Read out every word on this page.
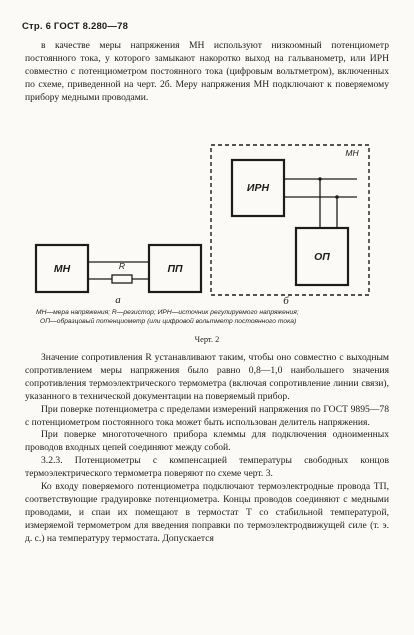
Стр. 6 ГОСТ 8.280—78

в качестве меры напряжения МН используют низкоомный потенциометр постоянного тока, у которого замыкают накоротко выход на гальванометр, или ИРН совместно с потенциометром постоянного тока (цифровым вольтметром), включенных по схеме, приведенной на черт. 2б. Меру напряжения МН подключают к поверяемому прибору медными проводами.

МН	ПП
ИРН
ОП
R
МН
а	б

МН—мера напряжения; R—резистор; ИРН—источник регулируемого напряжения;

ОП—образцовый потенциометр (или цифровой вольтметр постоянного тока)

Черт. 2

Значение сопротивления R устанавливают таким, чтобы оно совместно с выходным сопротивлением меры напряжения было равно 0,8—1,0 наибольшего значения сопротивления термоэлектрического термометра (включая сопротивление линии связи), указанного в технической документации на поверяемый прибор.

При поверке потенциометра с пределами измерений напряжения по ГОСТ 9895—78 с потенциометром постоянного тока может быть использован делитель напряжения.

При поверке многоточечного прибора клеммы для подключения одноименных проводов входных цепей соединяют между собой.

3.2.3. Потенциометры с компенсацией температуры свободных концов термоэлектрического термометра поверяют по схеме черт. 3.

Ко входу поверяемого потенциометра подключают термоэлектродные провода ТП, соответствующие градуировке потенциометра. Концы проводов соединяют с медными проводами, и спаи их помещают в термостат Т со стабильной температурой, измеряемой термометром для введения поправки по термоэлектродвижущей силе (т. э. д. с.) на температуру термостата. Допускается
